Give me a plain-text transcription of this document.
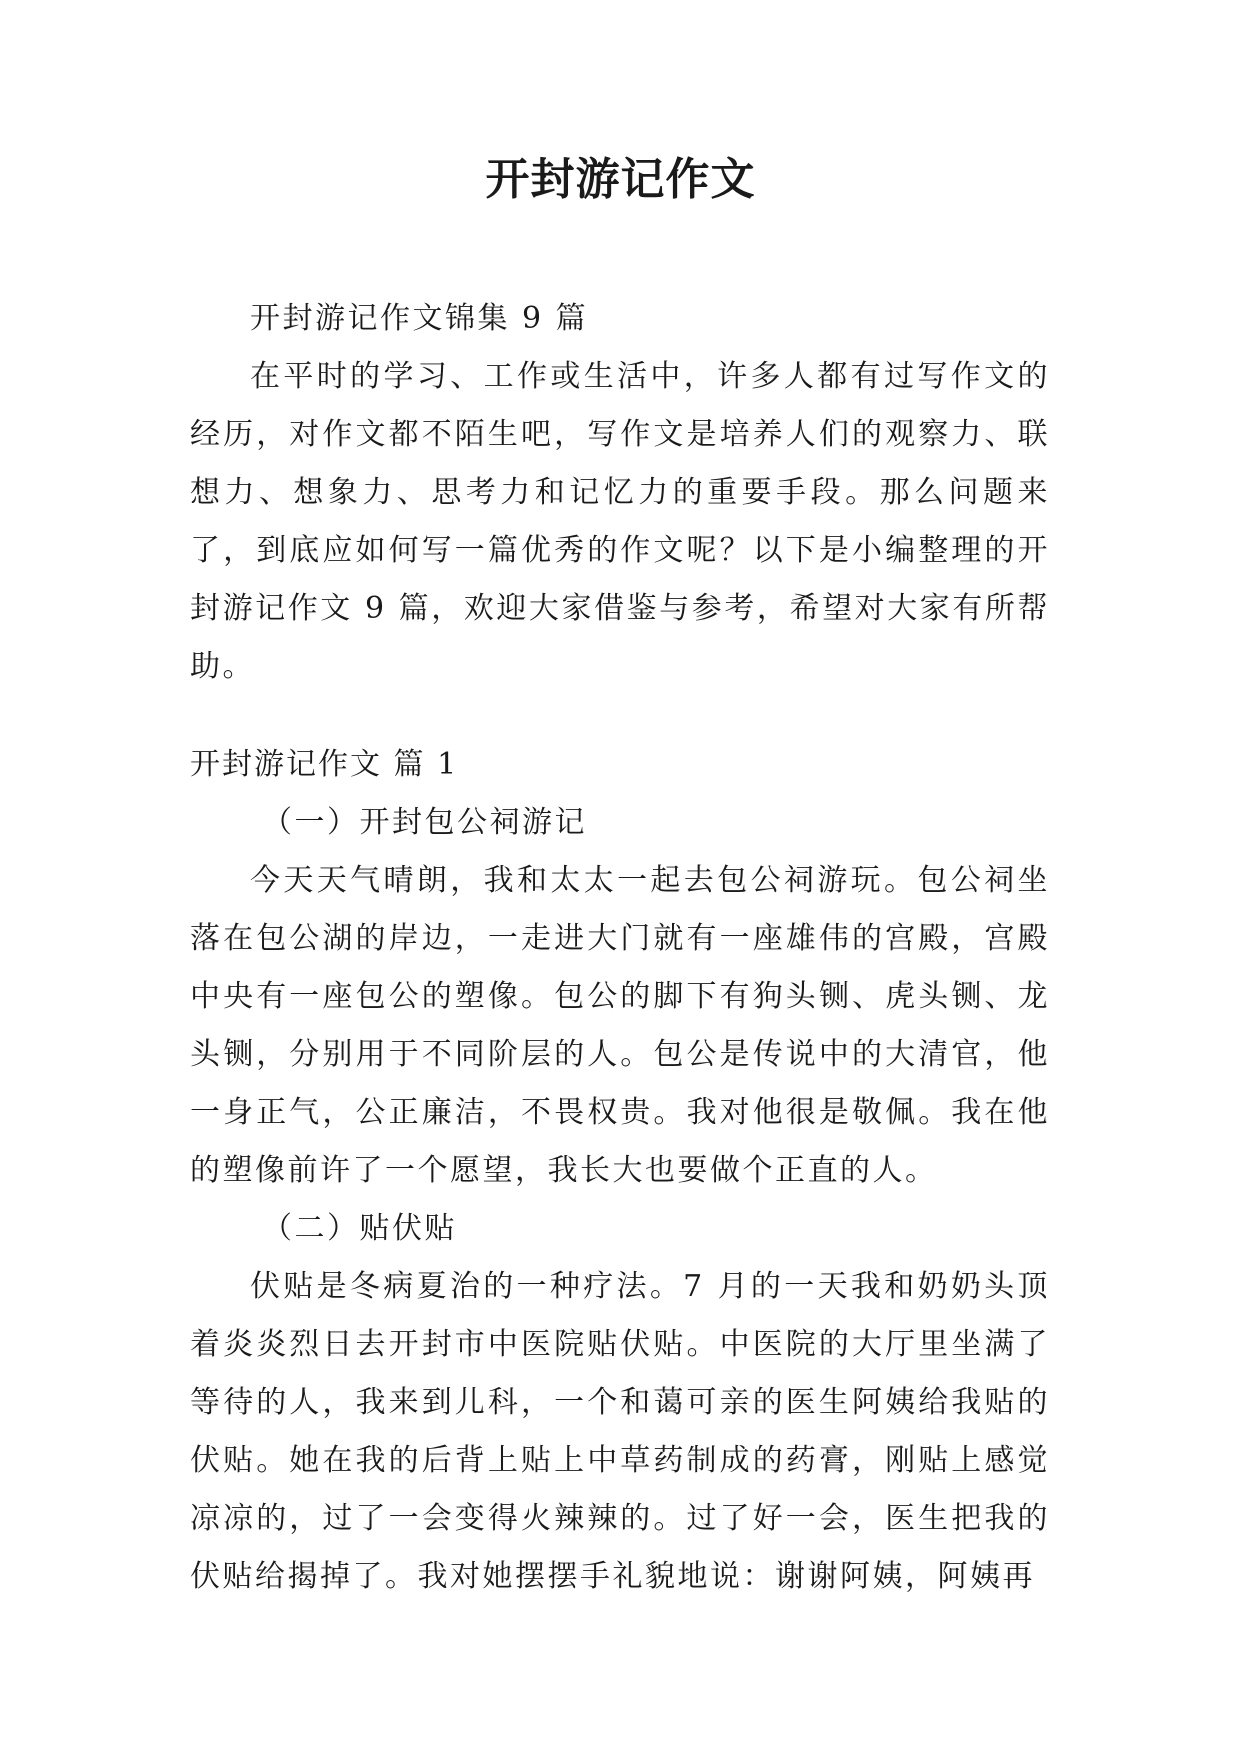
开封游记作文

开封游记作文锦集 9 篇

在平时的学习、工作或生活中，许多人都有过写作文的经历，对作文都不陌生吧，写作文是培养人们的观察力、联想力、想象力、思考力和记忆力的重要手段。那么问题来了，到底应如何写一篇优秀的作文呢？以下是小编整理的开封游记作文 9 篇，欢迎大家借鉴与参考，希望对大家有所帮助。

开封游记作文 篇 1

（一）开封包公祠游记

今天天气晴朗，我和太太一起去包公祠游玩。包公祠坐落在包公湖的岸边，一走进大门就有一座雄伟的宫殿，宫殿中央有一座包公的塑像。包公的脚下有狗头铡、虎头铡、龙头铡，分别用于不同阶层的人。包公是传说中的大清官，他一身正气，公正廉洁，不畏权贵。我对他很是敬佩。我在他的塑像前许了一个愿望，我长大也要做个正直的人。

（二）贴伏贴

伏贴是冬病夏治的一种疗法。7 月的一天我和奶奶头顶着炎炎烈日去开封市中医院贴伏贴。中医院的大厅里坐满了等待的人，我来到儿科，一个和蔼可亲的医生阿姨给我贴的伏贴。她在我的后背上贴上中草药制成的药膏，刚贴上感觉凉凉的，过了一会变得火辣辣的。过了好一会，医生把我的伏贴给揭掉了。我对她摆摆手礼貌地说：谢谢阿姨，阿姨再
